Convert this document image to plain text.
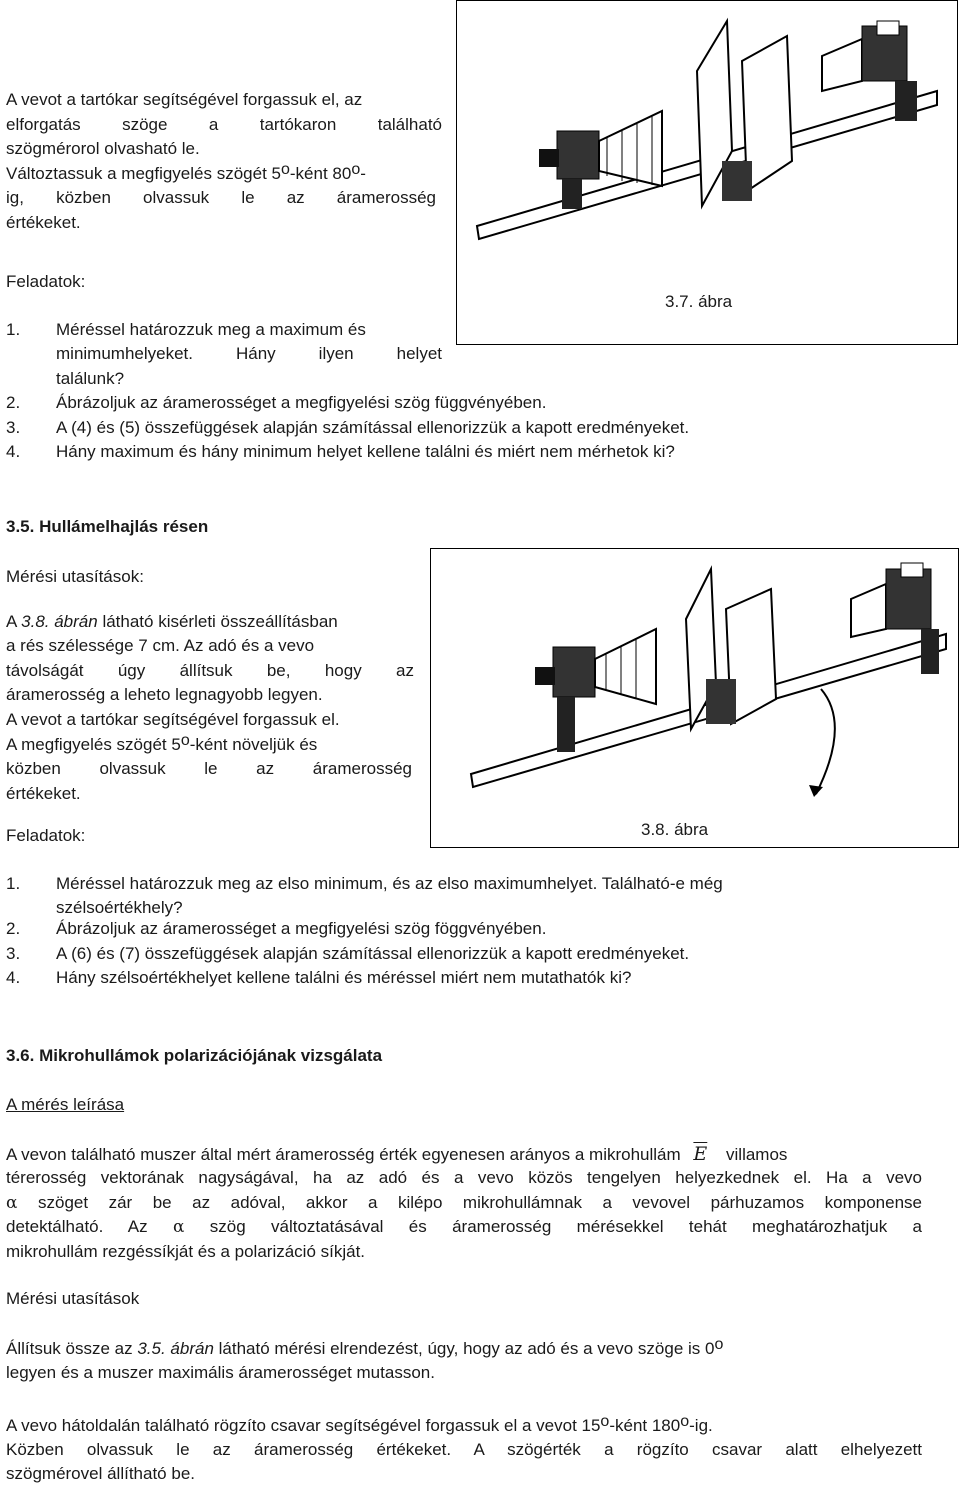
A vevot a tartókar segítségével forgassuk el, az
elforgatás szöge a tartókaron található
szögmérorol olvasható le.
Változtassuk a megfigyelés szögét 5$^o$-ként 80$^o$-
ig, közben olvassuk le az áramerosség
értékeket.
Feladatok:
1. Méréssel határozzuk meg a maximum és
minimumhelyeket. Hány ilyen helyet
találunk?
2. Ábrázoljuk az áramerosséget a megfigyelési szög függvényében.
3. A (4) és (5) összefüggések alapján számítással ellenorizzük a kapott eredményeket.
4. Hány maximum és hány minimum helyet kellene találni és miért nem mérhetok ki?
3.7. ábra
3.5. Hullámelhajlás résen
Mérési utasítások:
A 3.8. ábrán látható kisérleti összeállításban
a rés szélessége 7 cm. Az adó és a vevo
távolságát úgy állítsuk be, hogy az
áramerosség a leheto legnagyobb legyen.
A vevot a tartókar segítségével forgassuk el.
A megfigyelés szögét 5$^o$-ként növeljük és
közben olvassuk le az áramerosség
értékeket.
Feladatok:	3.8. ábra
1. Méréssel határozzuk meg az elso minimum, és az elso maximumhelyet. Található-e még
szélsoértékhely?
2. Ábrázoljuk az áramerosséget a megfigyelési szög föggvényében.
3. A (6) és (7) összefüggések alapján számítással ellenorizzük a kapott eredményeket.
4. Hány szélsoértékhelyet kellene találni és méréssel miért nem mutathatók ki?
3.6. Mikrohullámok polarizációjának vizsgálata
A mérés leírása
A vevon található muszer által mért áramerosség érték egyenesen arányos a mikrohullám $\overline{E}$ villamos
térerosség vektorának nagyságával, ha az adó és a vevo közös tengelyen helyezkednek el. Ha a vevo
α szöget zár be az adóval, akkor a kilépo mikrohullámnak a vevovel párhuzamos komponense
detektálható. Az α szög változtatásával és áramerosség mérésekkel tehát meghatározhatjuk a
mikrohullám rezgéssíkját és a polarizáció síkját.
Mérési utasítások
Állítsuk össze az 3.5. ábrán látható mérési elrendezést, úgy, hogy az adó és a vevo szöge is 0$^o$
legyen és a muszer maximális áramerosséget mutasson.
A vevo hátoldalán található rögzíto csavar segítségével forgassuk el a vevot 15$^o$-ként 180$^o$-ig.
Közben olvassuk le az áramerosség értékeket. A szögérték a rögzíto csavar alatt elhelyezett
szögmérovel állítható be.
